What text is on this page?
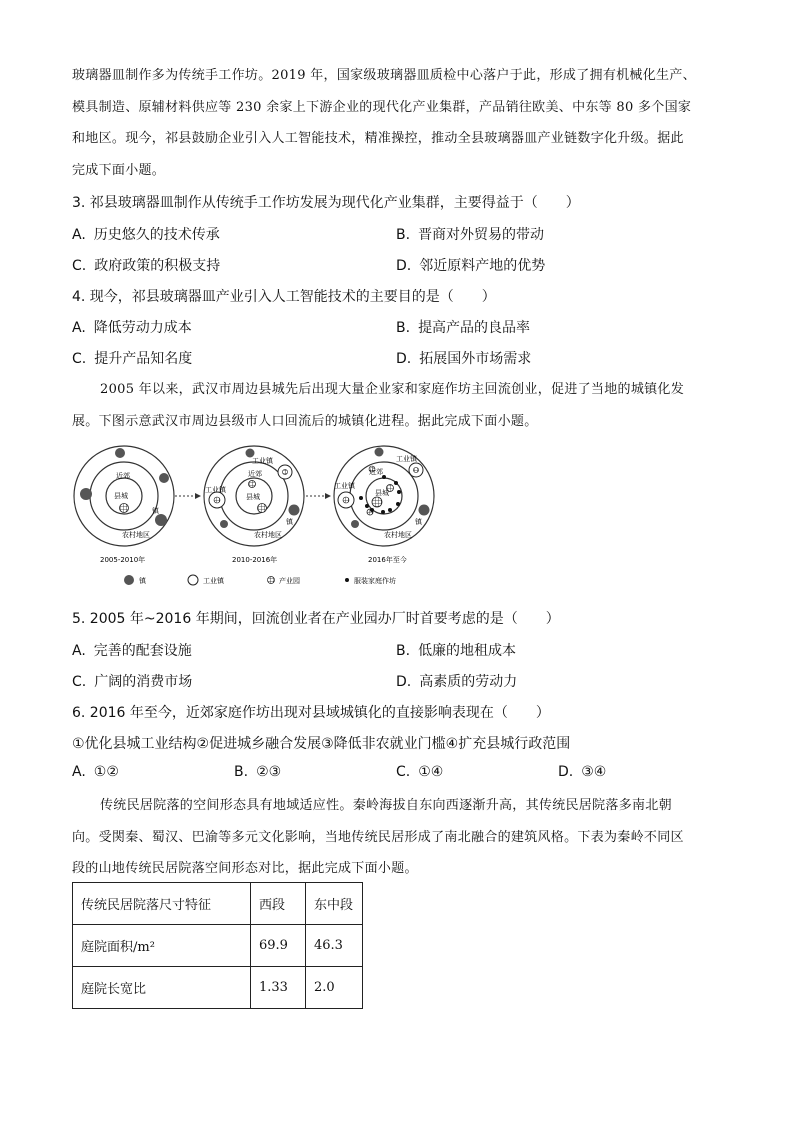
玻璃器皿制作多为传统手工作坊。2019 年，国家级玻璃器皿质检中心落户于此，形成了拥有机械化生产、
模具制造、原辅材料供应等 230 余家上下游企业的现代化产业集群，产品销往欧美、中东等 80 多个国家
和地区。现今，祁县鼓励企业引入人工智能技术，精准操控，推动全县玻璃器皿产业链数字化升级。据此
完成下面小题。
3. 祁县玻璃器皿制作从传统手工作坊发展为现代化产业集群，主要得益于（　　）
A. 历史悠久的技术传承	B. 晋商对外贸易的带动
C. 政府政策的积极支持	D. 邻近原料产地的优势
4. 现今，祁县玻璃器皿产业引入人工智能技术的主要目的是（　　）
A. 降低劳动力成本	B. 提高产品的良品率
C. 提升产品知名度	D. 拓展国外市场需求
2005 年以来，武汉市周边县城先后出现大量企业家和家庭作坊主回流创业，促进了当地的城镇化发
展。下图示意武汉市周边县级市人口回流后的城镇化进程。据此完成下面小题。
近郊
县城
镇
农村地区
2005-2010年
工业镇
工业镇
近郊
县城
镇
农村地区
2010-2016年
工业镇
工业镇
近郊
县城
镇
农村地区
2016年至今
镇	工业镇	产业园	服装家庭作坊
5. 2005 年~2016 年期间，回流创业者在产业园办厂时首要考虑的是（　　）
A. 完善的配套设施	B. 低廉的地租成本
C. 广阔的消费市场	D. 高素质的劳动力
6. 2016 年至今，近郊家庭作坊出现对县域城镇化的直接影响表现在（　　）
①优化县城工业结构②促进城乡融合发展③降低非农就业门槛④扩充县城行政范围
A. ①②	B. ②③	C. ①④	D. ③④
传统民居院落的空间形态具有地域适应性。秦岭海拔自东向西逐渐升高，其传统民居院落多南北朝
向。受関秦、蜀汉、巴渝等多元文化影响，当地传统民居形成了南北融合的建筑风格。下表为秦岭不同区
段的山地传统民居院落空间形态对比，据此完成下面小题。
传统民居院落尺寸特征	西段	东中段
庭院面积/m²	69.9	46.3
庭院长宽比	1.33	2.0
